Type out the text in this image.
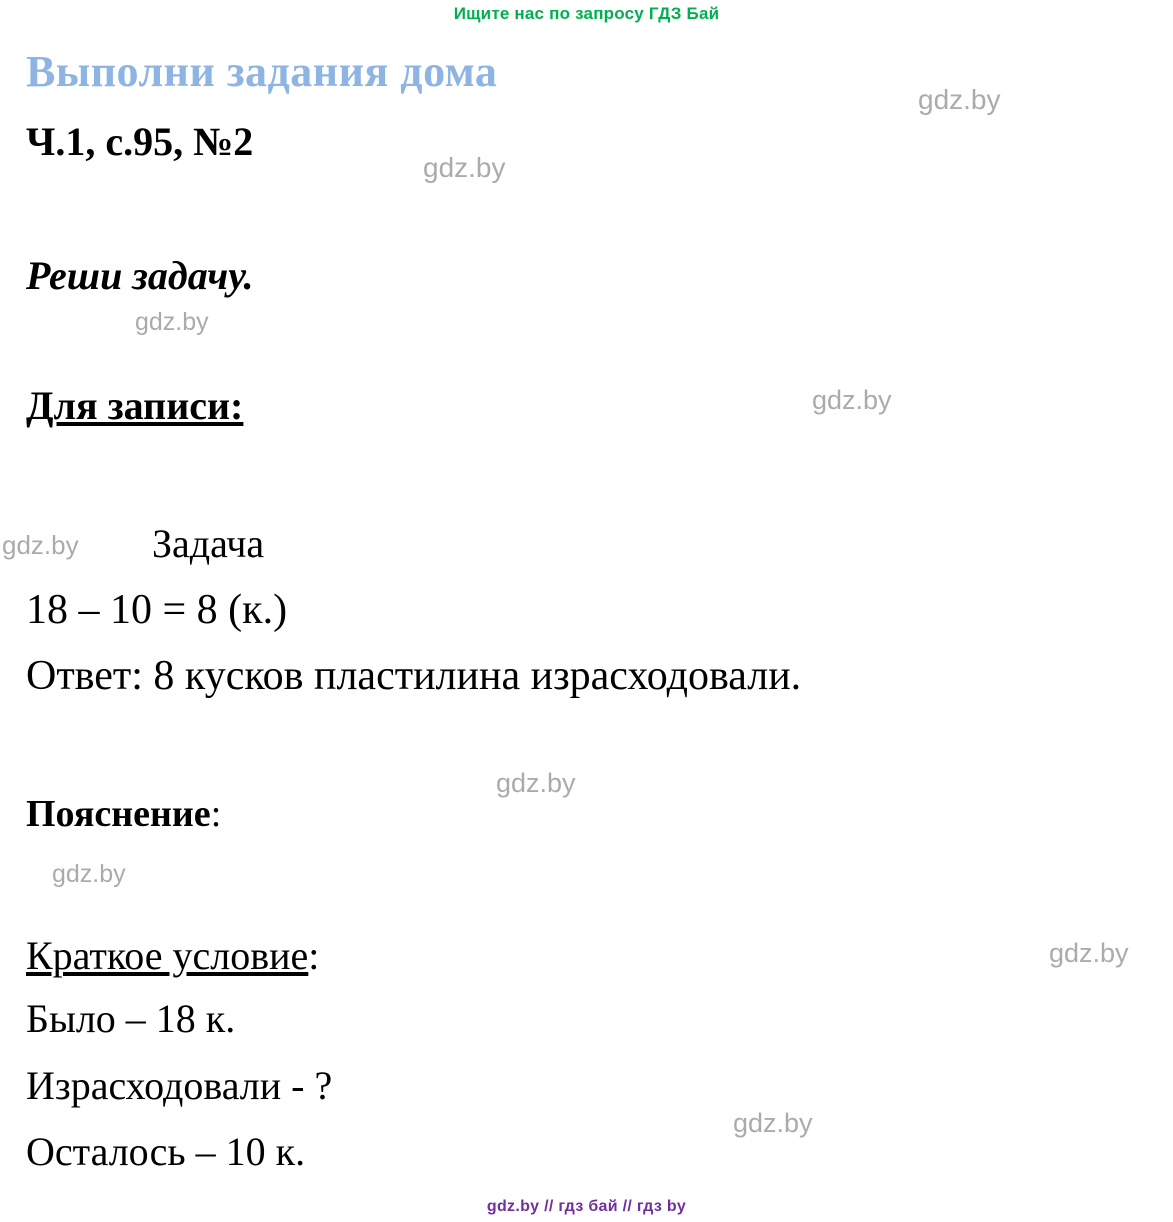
Ищите нас по запросу ГДЗ Бай
Выполни задания дома
Ч.1, с.95, №2
Реши задачу.
Для записи:
Задача
18 – 10 = 8 (к.)
Ответ: 8 кусков пластилина израсходовали.
Пояснение:
Краткое условие:
Было – 18 к.
Израсходовали - ?
Осталось – 10 к.
gdz.by
gdz.by
gdz.by
gdz.by
gdz.by
gdz.by
gdz.by
gdz.by
gdz.by
gdz.by // гдз бай // гдз by
